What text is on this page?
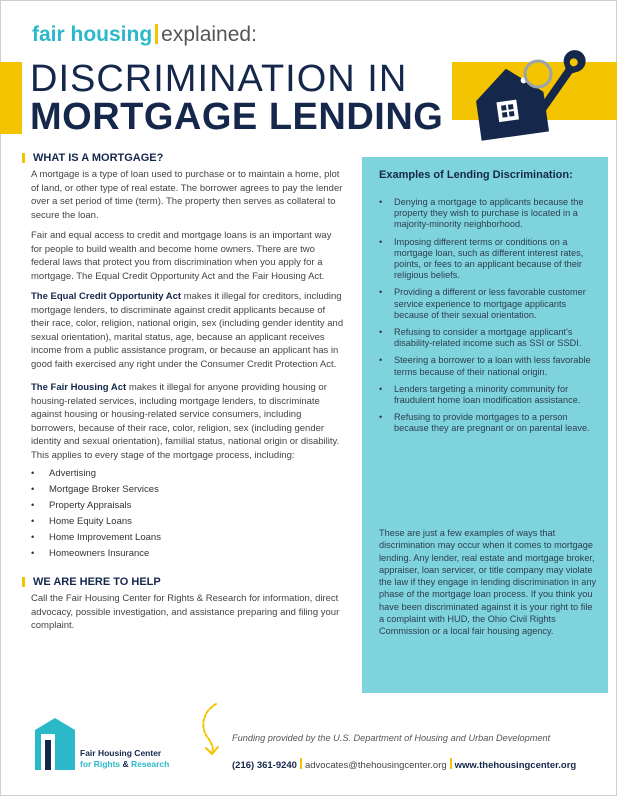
fair housing explained:
DISCRIMINATION IN
MORTGAGE LENDING
WHAT IS A MORTGAGE?

A mortgage is a type of loan used to purchase or to maintain a home, plot of land, or other type of real estate. The borrower agrees to pay the lender over a set period of time (term). The property then serves as collateral to secure the loan.

Fair and equal access to credit and mortgage loans is an important way for people to build wealth and become home owners. There are two federal laws that protect you from discrimination when you apply for a mortgage. The Equal Credit Opportunity Act and the Fair Housing Act.

The Equal Credit Opportunity Act makes it illegal for creditors, including mortgage lenders, to discriminate against credit applicants because of their race, color, religion, national origin, sex (including gender identity and sexual orientation), marital status, age, because an applicant receives income from a public assistance program, or because an applicant has in good faith exercised any right under the Consumer Credit Protection Act.

The Fair Housing Act makes it illegal for anyone providing housing or housing-related services, including mortgage lenders, to discriminate against housing or housing-related service consumers, including borrowers, because of their race, color, religion, sex (including gender identity and sexual orientation), familial status, national origin or disability. This applies to every stage of the mortgage process, including:

• Advertising
• Mortgage Broker Services
• Property Appraisals
• Home Equity Loans
• Home Improvement Loans
• Homeowners Insurance
WE ARE HERE TO HELP

Call the Fair Housing Center for Rights & Research for information, direct advocacy, possible investigation, and assistance preparing and filing your complaint.

Examples of Lending Discrimination:
• Denying a mortgage to applicants because the property they wish to purchase is located in a majority-minority neighborhood.
• Imposing different terms or conditions on a mortgage loan, such as different interest rates, points, or fees to an applicant because of their religious beliefs.
• Providing a different or less favorable customer service experience to mortgage applicants because of their sexual orientation.
• Refusing to consider a mortgage applicant's disability-related income such as SSI or SSDI.
• Steering a borrower to a loan with less favorable terms because of their national origin.
• Lenders targeting a minority community for fraudulent home loan modification assistance.
• Refusing to provide mortgages to a person because they are pregnant or on parental leave.

These are just a few examples of ways that discrimination may occur when it comes to mortgage lending. Any lender, real estate and mortgage broker, appraiser, loan servicer, or title company may violate the law if they engage in lending discrimination in any phase of the mortgage loan process. If you think you have been discriminated against it is your right to file a complaint with HUD, the Ohio Civil Rights Commission or a local fair housing agency.

Fair Housing Center
for Rights & Research
Funding provided by the U.S. Department of Housing and Urban Development
(216) 361-9240 advocates@thehousingcenter.org www.thehousingcenter.org
